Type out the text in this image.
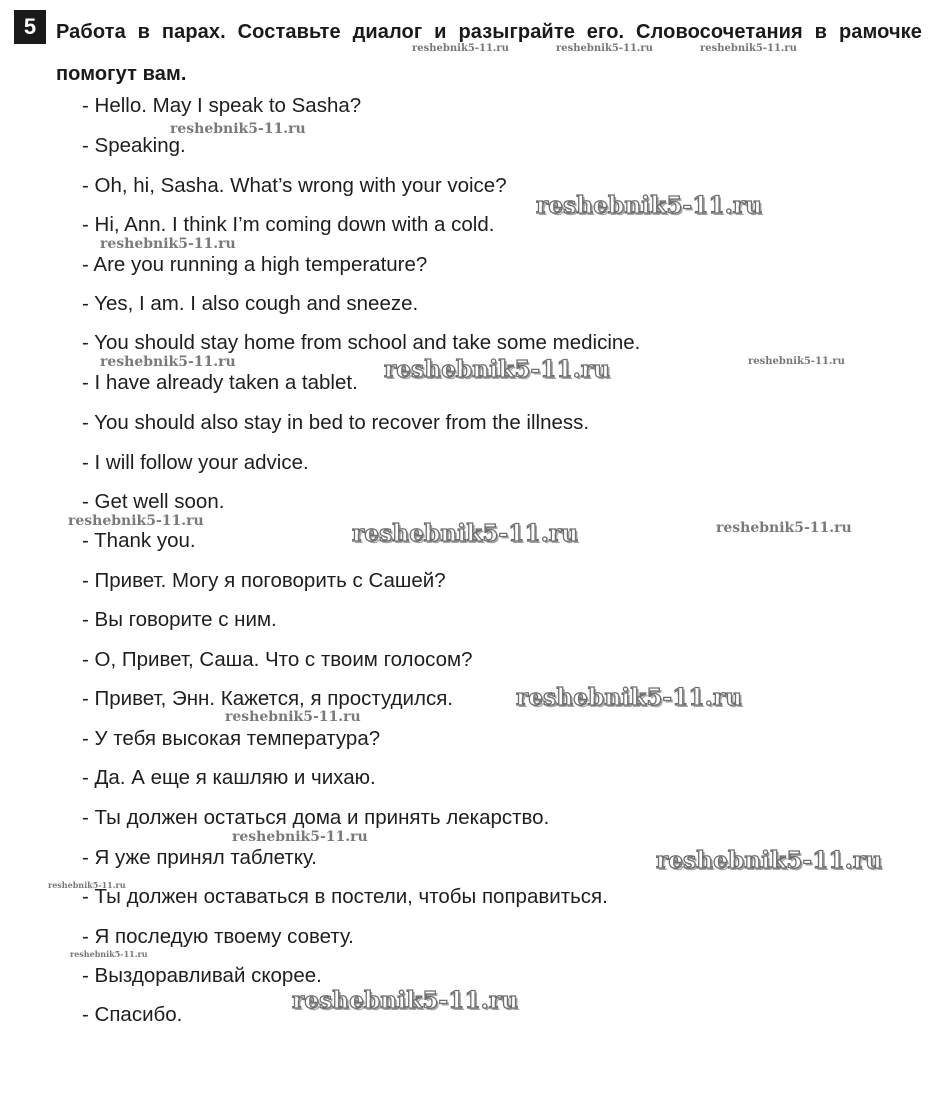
5 Работа в парах. Составьте диалог и разыграйте его. Словосочетания в рамочке помогут вам.
- Hello. May I speak to Sasha?
- Speaking.
- Oh, hi, Sasha. What’s wrong with your voice?
- Hi, Ann. I think I’m coming down with a cold.
- Are you running a high temperature?
- Yes, I am. I also cough and sneeze.
- You should stay home from school and take some medicine.
- I have already taken a tablet.
- You should also stay in bed to recover from the illness.
- I will follow your advice.
- Get well soon.
- Thank you.
- Привет. Могу я поговорить с Сашей?
- Вы говорите с ним.
- О, Привет, Саша. Что с твоим голосом?
- Привет, Энн. Кажется, я простудился.
- У тебя высокая температура?
- Да. А еще я кашляю и чихаю.
- Ты должен остаться дома и принять лекарство.
- Я уже принял таблетку.
- Ты должен оставаться в постели, чтобы поправиться.
- Я последую твоему совету.
- Выздоравливай скорее.
- Спасибо.
reshebnik5-11.ru	reshebnik5-11.ru	reshebnik5-11.ru
reshebnik5-11.ru
reshebnik5-11.ru
reshebnik5-11.ru
reshebnik5-11.ru	reshebnik5-11.ru	reshebnik5-11.ru
reshebnik5-11.ru	reshebnik5-11.ru	reshebnik5-11.ru
reshebnik5-11.ru
reshebnik5-11.ru
reshebnik5-11.ru
reshebnik5-11.ru
reshebnik5-11.ru
reshebnik5-11.ru
reshebnik5-11.ru
